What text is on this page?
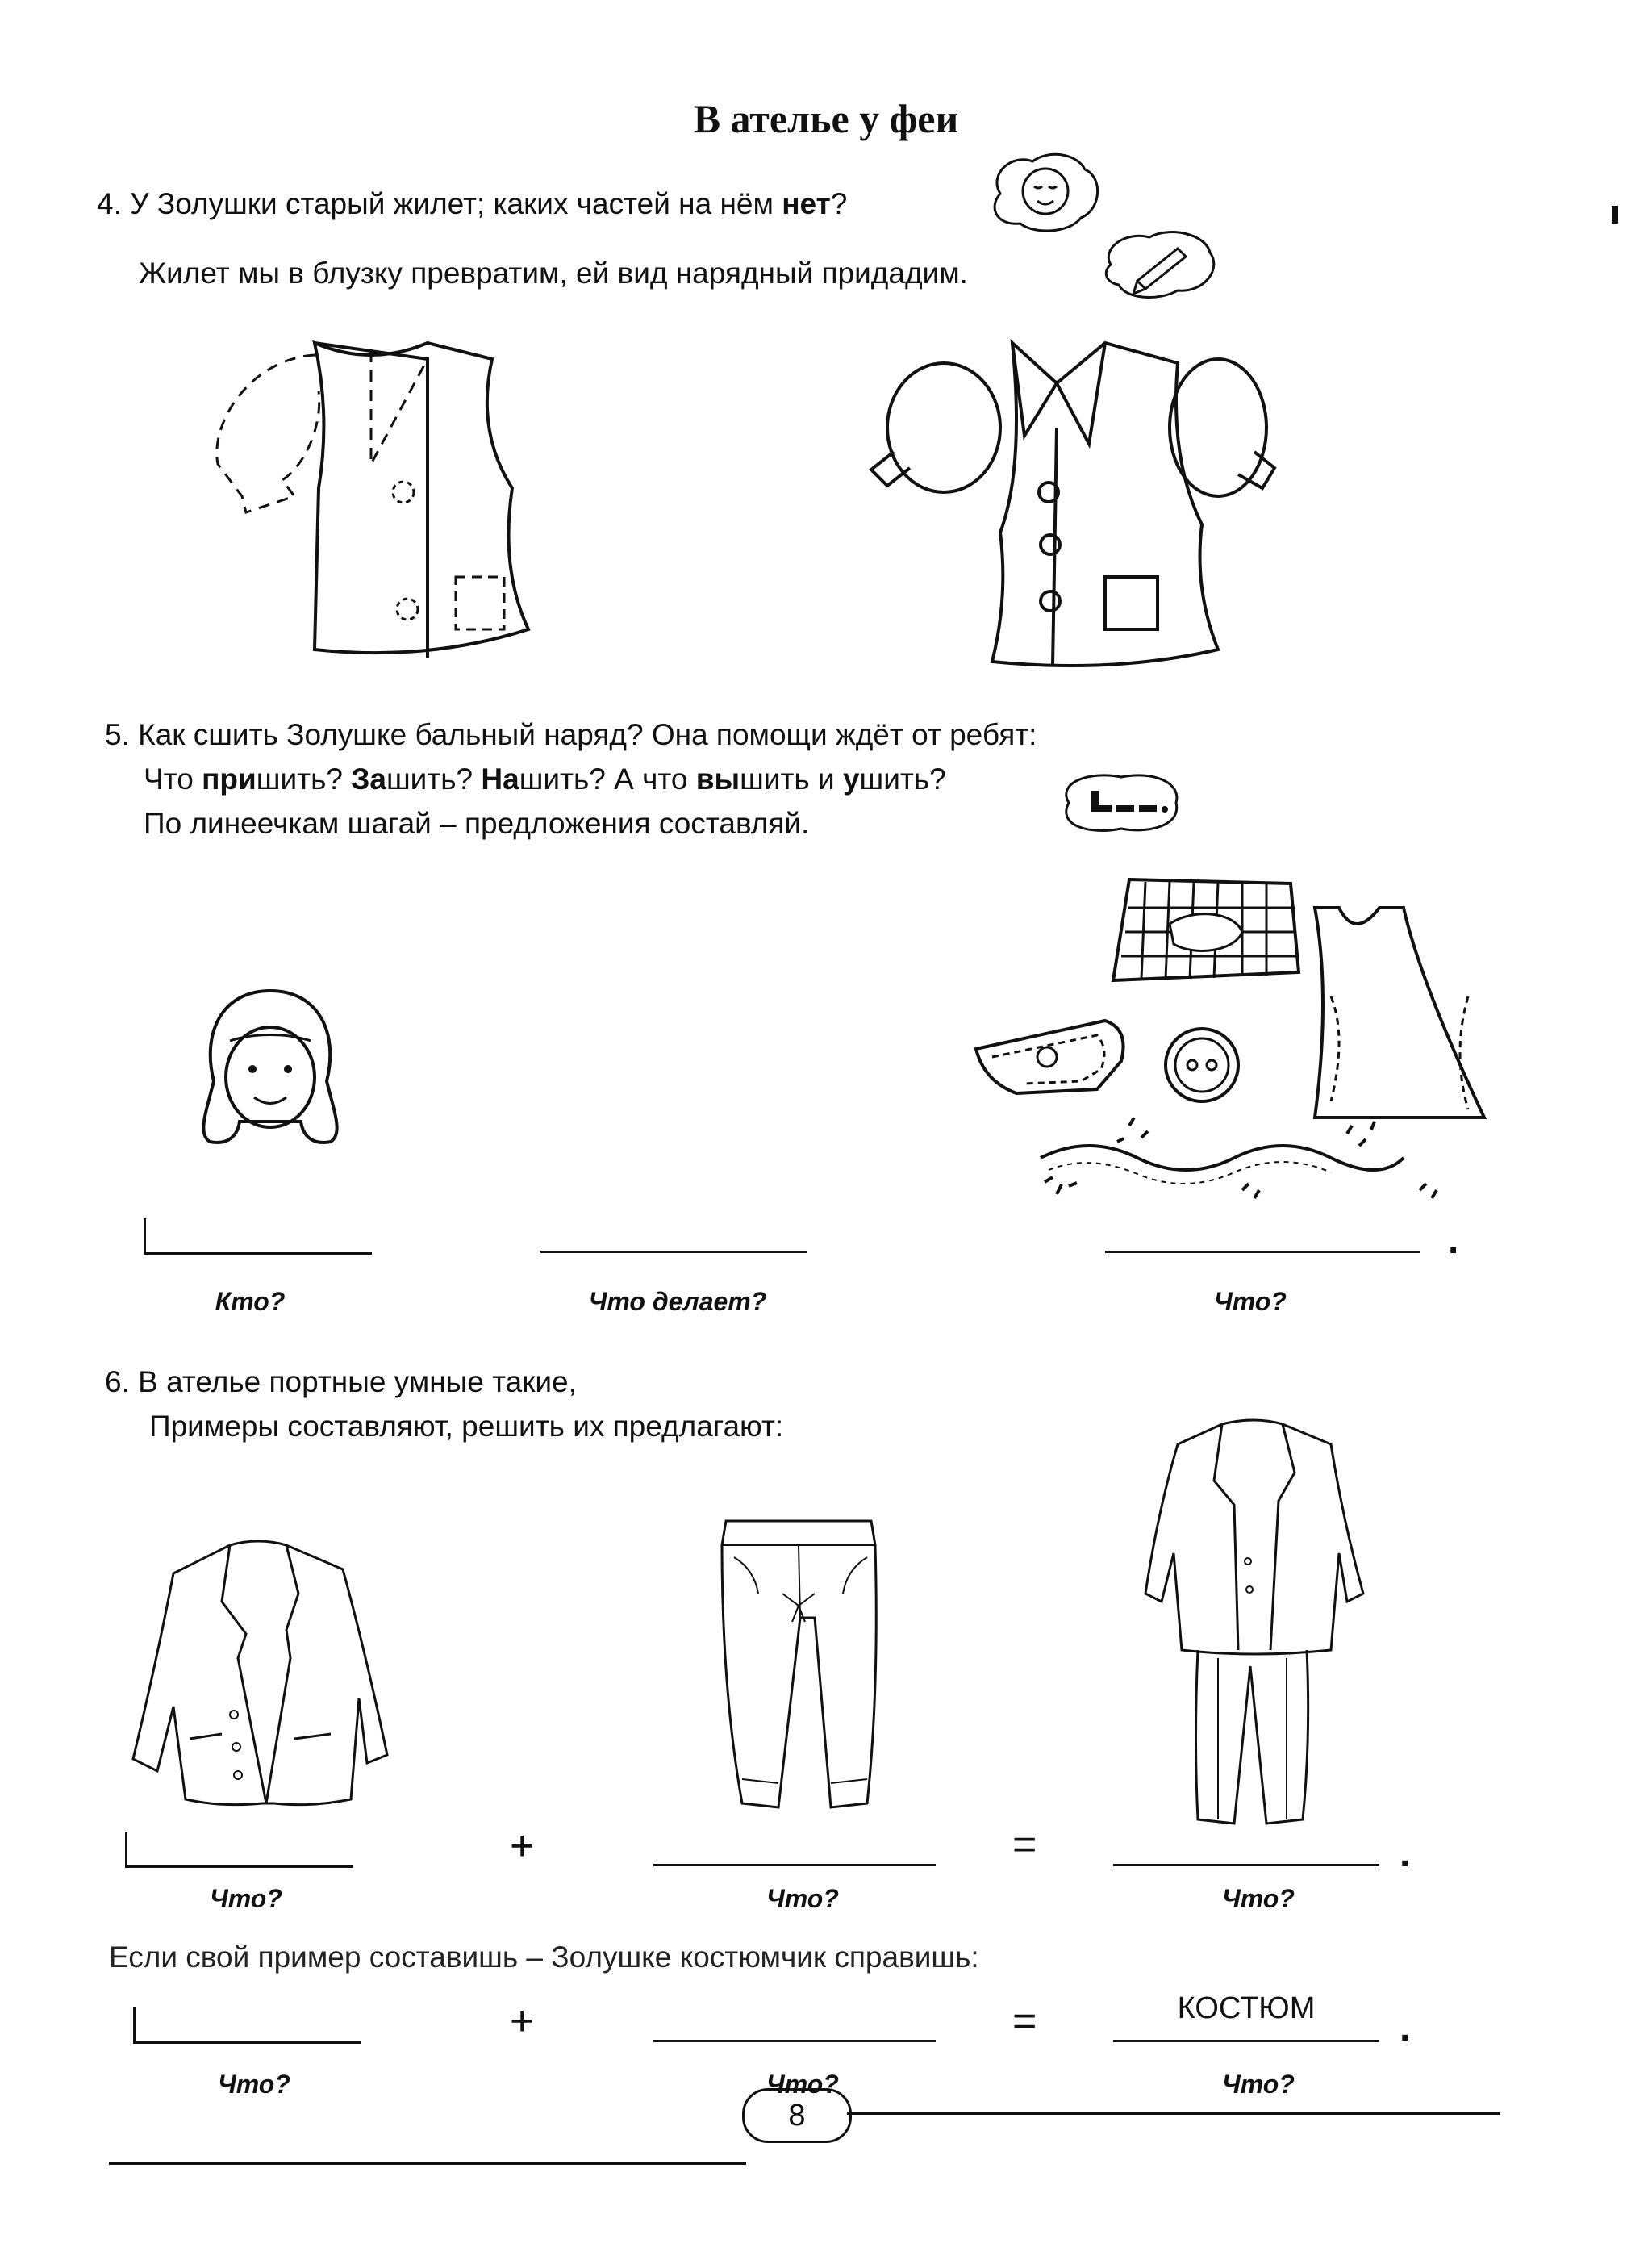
В ателье у феи
4. У Золушки старый жилет; каких частей на нём нет?
Жилет мы в блузку превратим, ей вид нарядный придадим.
5. Как сшить Золушке бальный наряд? Она помощи ждёт от ребят:
Что пришить? Зашить? Нашить? А что вышить и ушить?
По линеечкам шагай – предложения составляй.
.
Кто?	Что делает?	Что?
6. В ателье портные умные такие,
Примеры составляют, решить их предлагают:
+	=	.
Что?	Что?	Что?
Если свой пример составишь – Золушке костюмчик справишь:
+	=	КОСТЮМ	.
Что?	Что?	Что?
8
